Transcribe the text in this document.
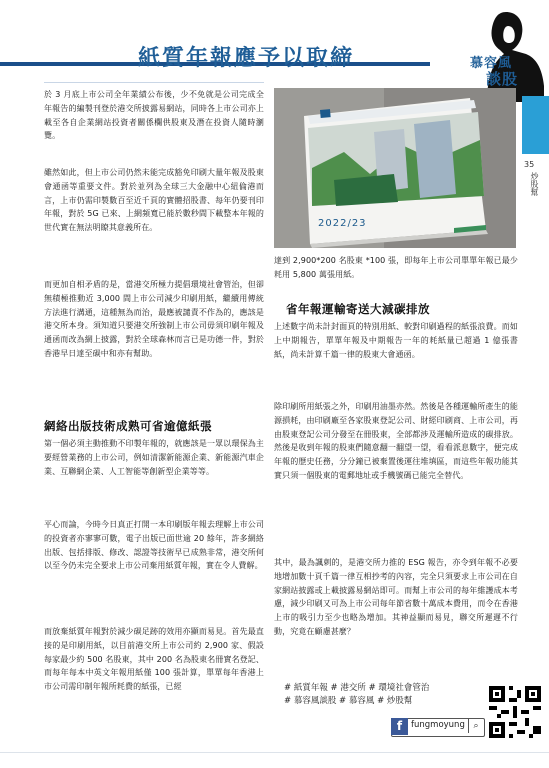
紙質年報應予以取締	慕容風
談股
35
炒股幫

於 3 月底上市公司全年業績公布後，少不免就是公司完成全年報告的編製刊登於港交所披露易網站，同時各上市公司亦上載至各自企業網站投資者關係欄供股東及潛在投資人隨時瀏覽。

雖然如此，但上市公司仍然未能完成豁免印刷大量年報及股東會通函等重要文件。對於並列為全球三大金融中心紐倫港而言，上市仍需印製數百至近千頁的實體招股書、每年仍要刊印年報，對於 5G 已來、上網頻寬已能於數秒間下載整本年報的世代實在無法明瞭其意義所在。

而更加自相矛盾的是，當港交所極力提倡環境社會管治，但卻無積極推動近 3,000 間上市公司減少印刷用紙，繼續用傳統方法進行溝通，這種無為而治，最應被譴責不作為的，應該是港交所本身。須知道只要港交所強制上市公司毋須印刷年報及通函而改為網上披露，對於全球森林而言已是功德一件，對於香港早日達至碳中和亦有幫助。

網絡出版技術成熟可省逾億紙張

第一個必須主動推動不印製年報的，就應該是一眾以環保為主要經營業務的上市公司，例如清潔新能源企業、新能源汽車企業、互聯網企業、人工智能等創新型企業等等。

平心而論，今時今日真正打開一本印刷版年報去理解上市公司的投資者亦寥寥可數，電子出版已面世逾 20 餘年，許多網絡出版、包括排版、修改、認證等技術早已成熟非常，港交所何以至今仍未完全要求上市公司棄用紙質年報，實在令人費解。

而放棄紙質年報對於減少碳足跡的效用亦顯而易見。首先最直接的是印刷用紙，以目前港交所上市公司約 2,900 家、假設每家最少約 500 名股東，其中 200 名為股東名冊實名登記、而每年每本中英文年報用紙僅 100 張計算，單單每年香港上市公司需印制年報所耗費的紙張，已經

2022/23

達到 2,900*200 名股東 *100 張，即每年上市公司單單年報已最少耗用 5,800 萬張用紙。

省年報運輸寄送大減碳排放

上述數字尚未計封面頁的特別用紙、較對印刷過程的紙張浪費。而如上中期報告，單單年報及中期報告一年的耗紙量已超過 1 億張書紙，尚未計算千篇一律的股東大會通函。

除印刷所用紙張之外，印刷用油墨亦然。然後是各種運輸所產生的能源損耗，由印刷廠至各家股東登記公司、財經印刷商、上市公司，再由股東登記公司分發至在冊股東，全部都涉及運輸所造成的碳排放。然後是收到年報的股東們隨意翻一翻望一望，看看派息數字，便完成年報的歷史任務，分分鐘已被棄置後運往堆填區，而這些年報功能其實只須一個股東的電郵地址或手機號碼已能完全替代。

其中，最為諷刺的，是港交所力推的 ESG 報告，亦令到年報不必要地增加數十頁千篇一律互相抄考的內容，完全只須要求上市公司在自家網站披露或上載披露易網站即可。而幫上市公司的每年維護成本考慮，減少印刷又可為上市公司每年節省數十萬成本費用，而令在香港上市的吸引力至少也略為增加。其神益顯而易見，聯交所遲遲不行動，究竟在顧慮甚麼？

# 紙質年報 # 港交所 # 環境社會管治
# 慕容風談股 # 慕容風 # 炒股幫
f	fungmoyung ⌕
